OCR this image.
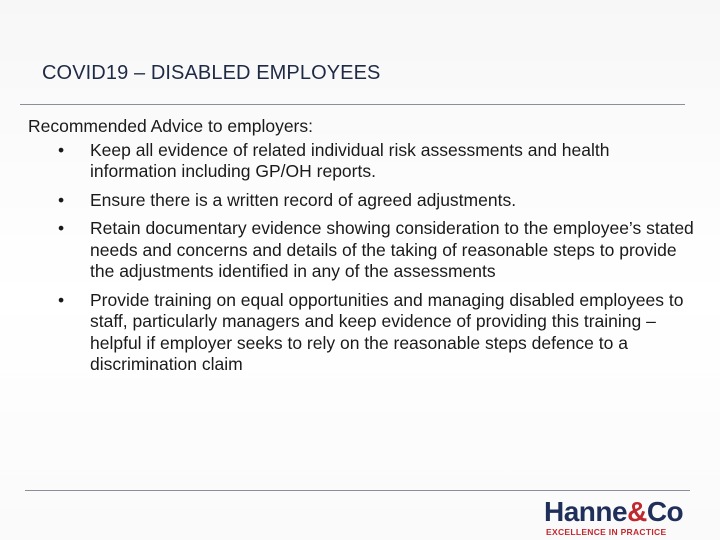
COVID19 – DISABLED EMPLOYEES

Recommended Advice to employers:

• Keep all evidence of related individual risk assessments and health information including GP/OH reports.
• Ensure there is a written record of agreed adjustments.
• Retain documentary evidence showing consideration to the employee’s stated needs and concerns and details of the taking of reasonable steps to provide the adjustments identified in any of the assessments
• Provide training on equal opportunities and managing disabled employees to staff, particularly managers and keep evidence of providing this training – helpful if employer seeks to rely on the reasonable steps defence to a discrimination claim
Hanne&Co
EXCELLENCE IN PRACTICE
